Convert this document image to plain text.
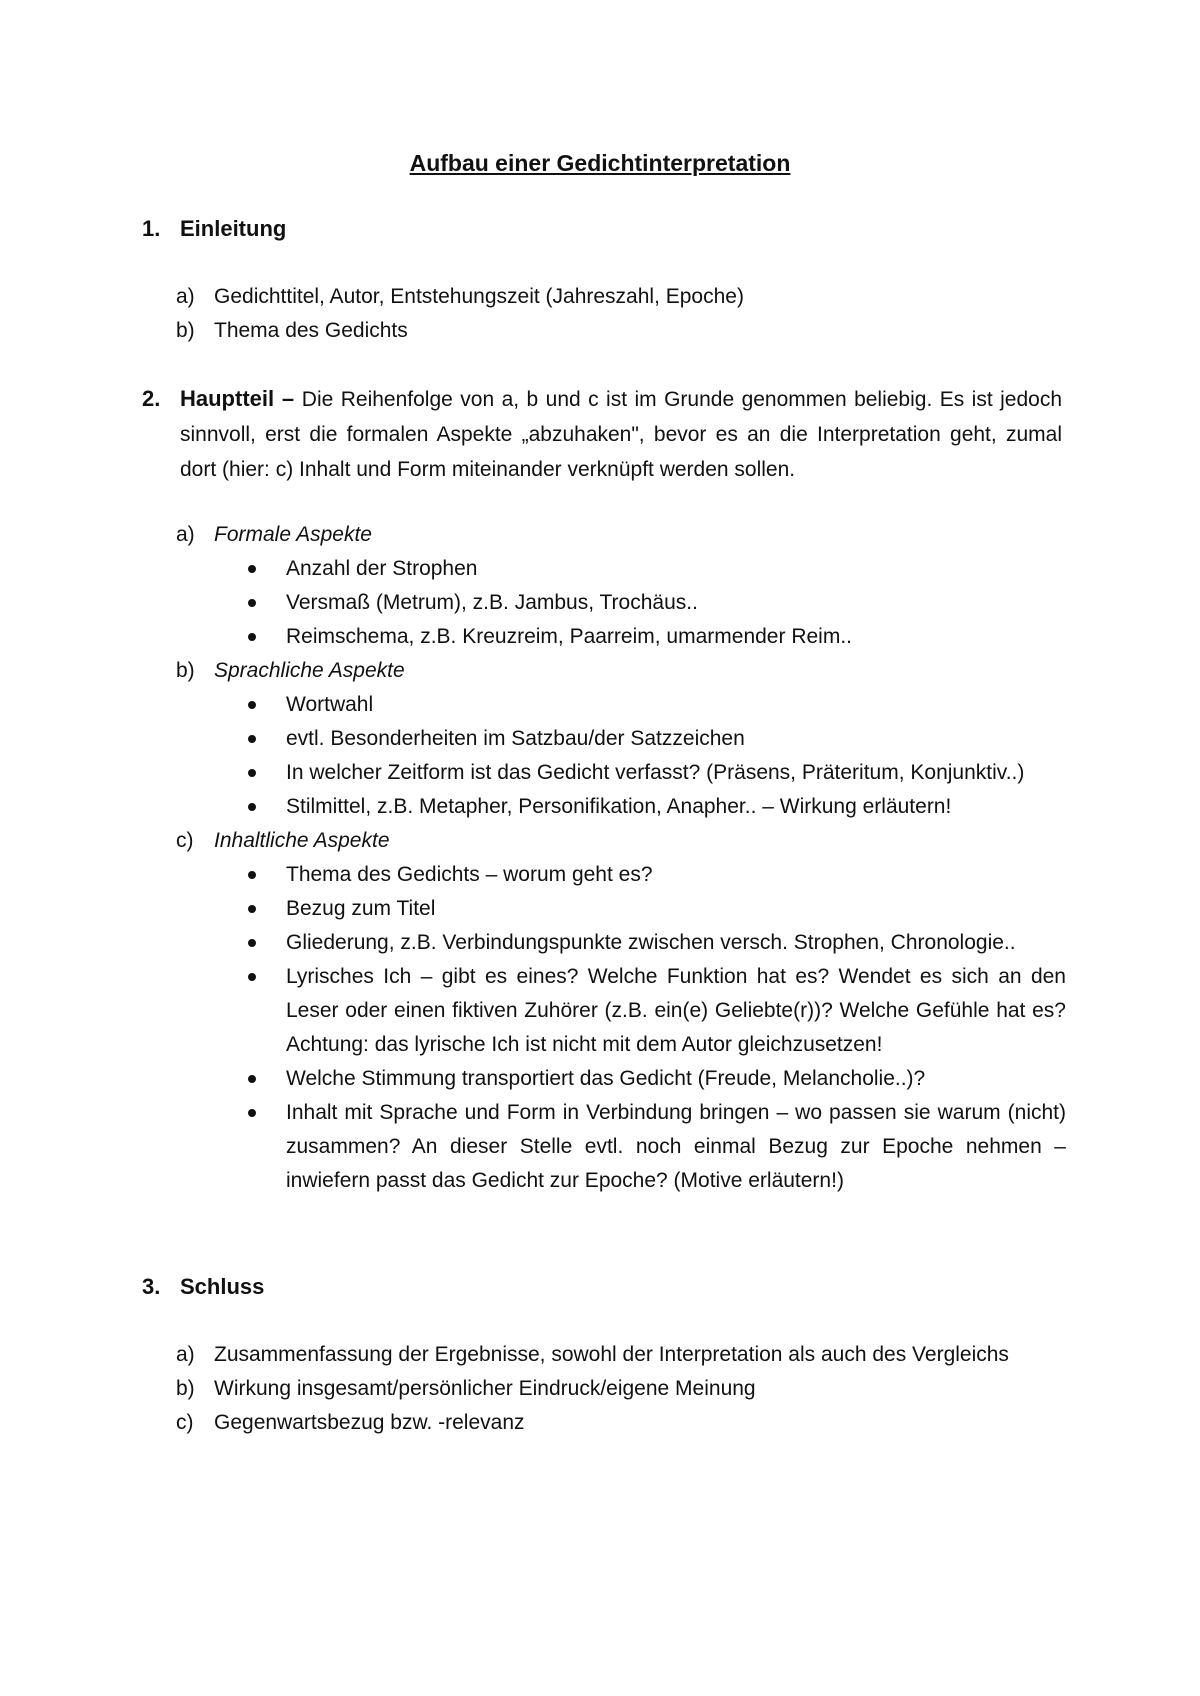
Aufbau einer Gedichtinterpretation
1. Einleitung
a) Gedichttitel, Autor, Entstehungszeit (Jahreszahl, Epoche)
b) Thema des Gedichts
2. Hauptteil – Die Reihenfolge von a, b und c ist im Grunde genommen beliebig. Es ist jedoch sinnvoll, erst die formalen Aspekte „abzuhaken", bevor es an die Interpretation geht, zumal dort (hier: c) Inhalt und Form miteinander verknüpft werden sollen.
a) Formale Aspekte
Anzahl der Strophen
Versmaß (Metrum), z.B. Jambus, Trochäus..
Reimschema, z.B. Kreuzreim, Paarreim, umarmender Reim..
b) Sprachliche Aspekte
Wortwahl
evtl. Besonderheiten im Satzbau/der Satzzeichen
In welcher Zeitform ist das Gedicht verfasst? (Präsens, Präteritum, Konjunktiv..)
Stilmittel, z.B. Metapher, Personifikation, Anapher.. – Wirkung erläutern!
c) Inhaltliche Aspekte
Thema des Gedichts – worum geht es?
Bezug zum Titel
Gliederung, z.B. Verbindungspunkte zwischen versch. Strophen, Chronologie..
Lyrisches Ich – gibt es eines? Welche Funktion hat es? Wendet es sich an den Leser oder einen fiktiven Zuhörer (z.B. ein(e) Geliebte(r))? Welche Gefühle hat es? Achtung: das lyrische Ich ist nicht mit dem Autor gleichzusetzen!
Welche Stimmung transportiert das Gedicht (Freude, Melancholie..)?
Inhalt mit Sprache und Form in Verbindung bringen – wo passen sie warum (nicht) zusammen? An dieser Stelle evtl. noch einmal Bezug zur Epoche nehmen – inwiefern passt das Gedicht zur Epoche? (Motive erläutern!)
3. Schluss
a) Zusammenfassung der Ergebnisse, sowohl der Interpretation als auch des Vergleichs
b) Wirkung insgesamt/persönlicher Eindruck/eigene Meinung
c) Gegenwartsbezug bzw. -relevanz
